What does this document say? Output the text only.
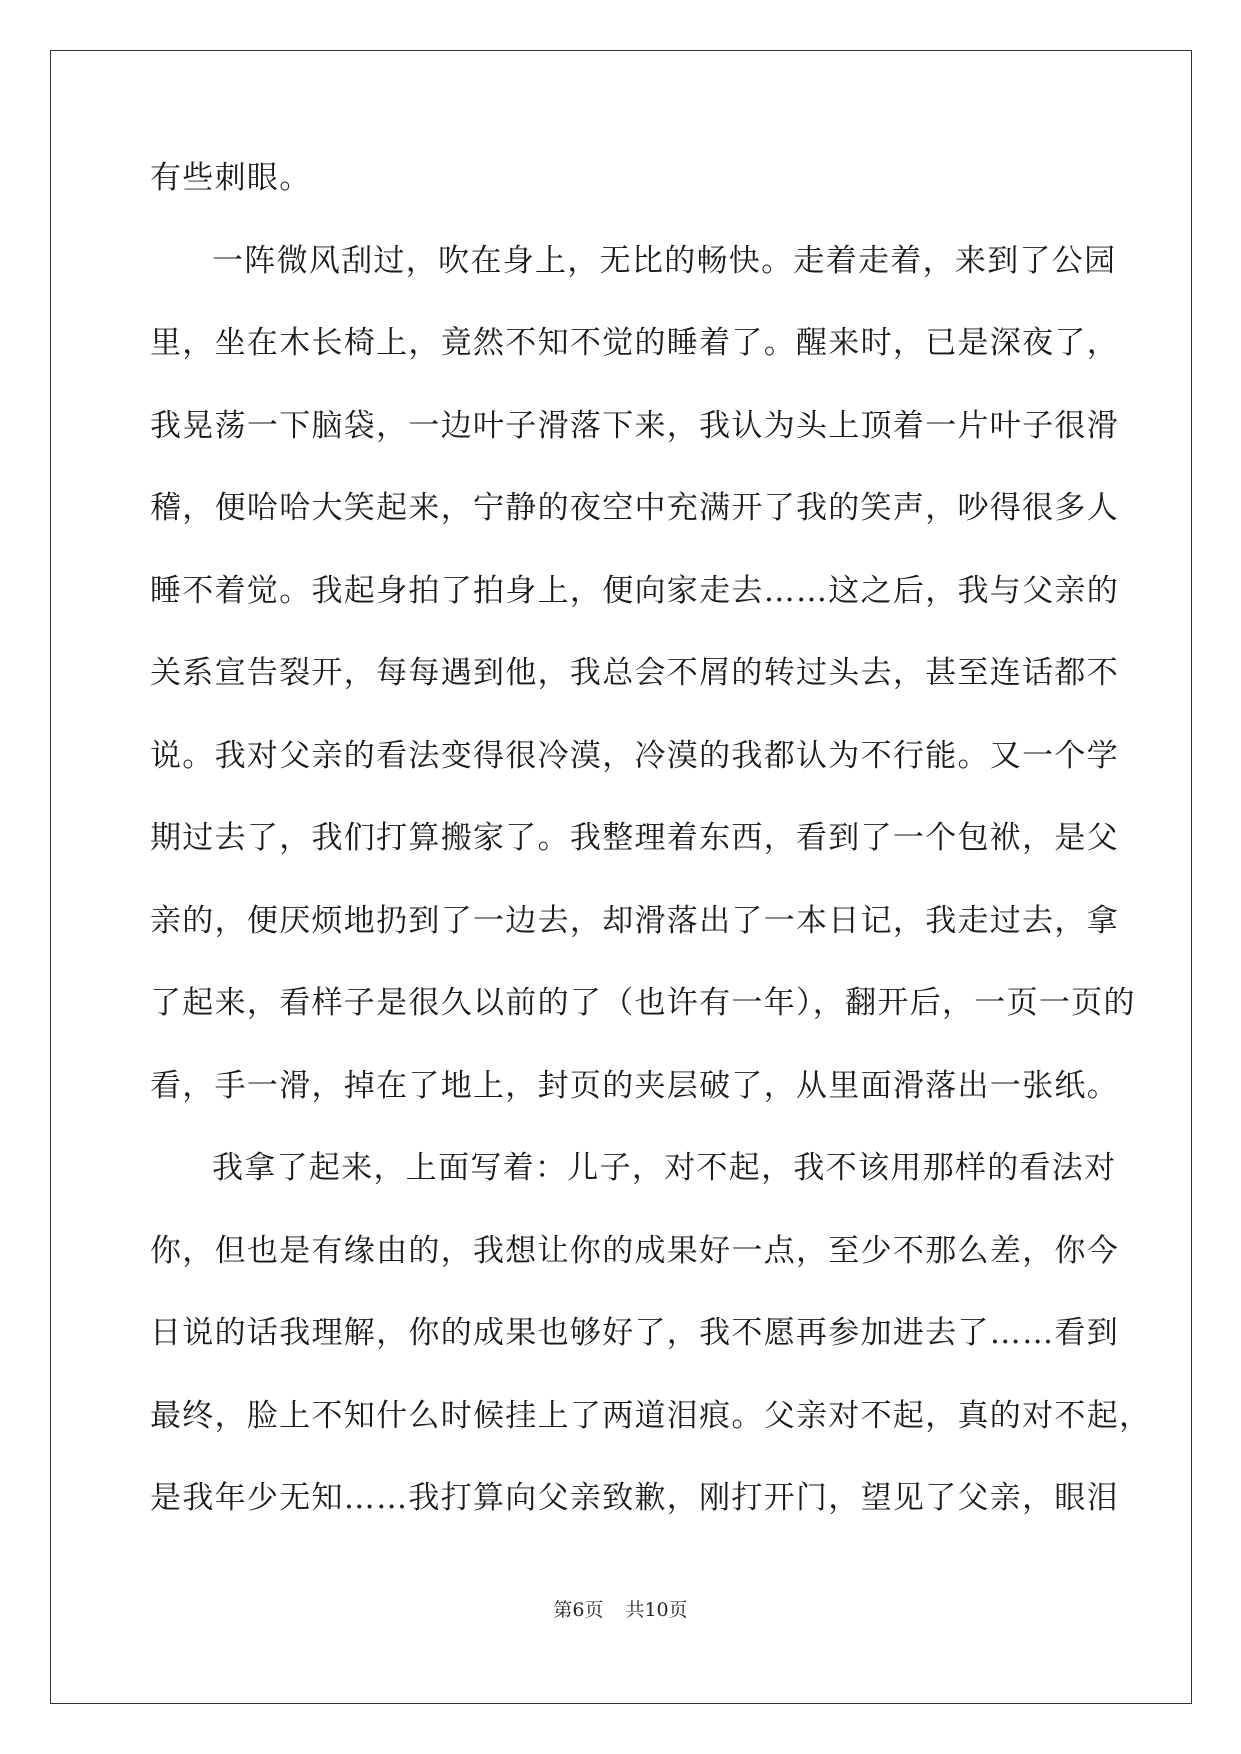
有些刺眼。
一阵微风刮过，吹在身上，无比的畅快。走着走着，来到了公园
里，坐在木长椅上，竟然不知不觉的睡着了。醒来时，已是深夜了，
我晃荡一下脑袋，一边叶子滑落下来，我认为头上顶着一片叶子很滑
稽，便哈哈大笑起来，宁静的夜空中充满开了我的笑声，吵得很多人
睡不着觉。我起身拍了拍身上，便向家走去……这之后，我与父亲的
关系宣告裂开，每每遇到他，我总会不屑的转过头去，甚至连话都不
说。我对父亲的看法变得很冷漠，冷漠的我都认为不行能。又一个学
期过去了，我们打算搬家了。我整理着东西，看到了一个包袱，是父
亲的，便厌烦地扔到了一边去，却滑落出了一本日记，我走过去，拿
了起来，看样子是很久以前的了（也许有一年），翻开后，一页一页的
看，手一滑，掉在了地上，封页的夹层破了，从里面滑落出一张纸。
我拿了起来，上面写着：儿子，对不起，我不该用那样的看法对
你，但也是有缘由的，我想让你的成果好一点，至少不那么差，你今
日说的话我理解，你的成果也够好了，我不愿再参加进去了……看到
最终，脸上不知什么时候挂上了两道泪痕。父亲对不起，真的对不起，
是我年少无知……我打算向父亲致歉，刚打开门，望见了父亲，眼泪
第6页 共10页
